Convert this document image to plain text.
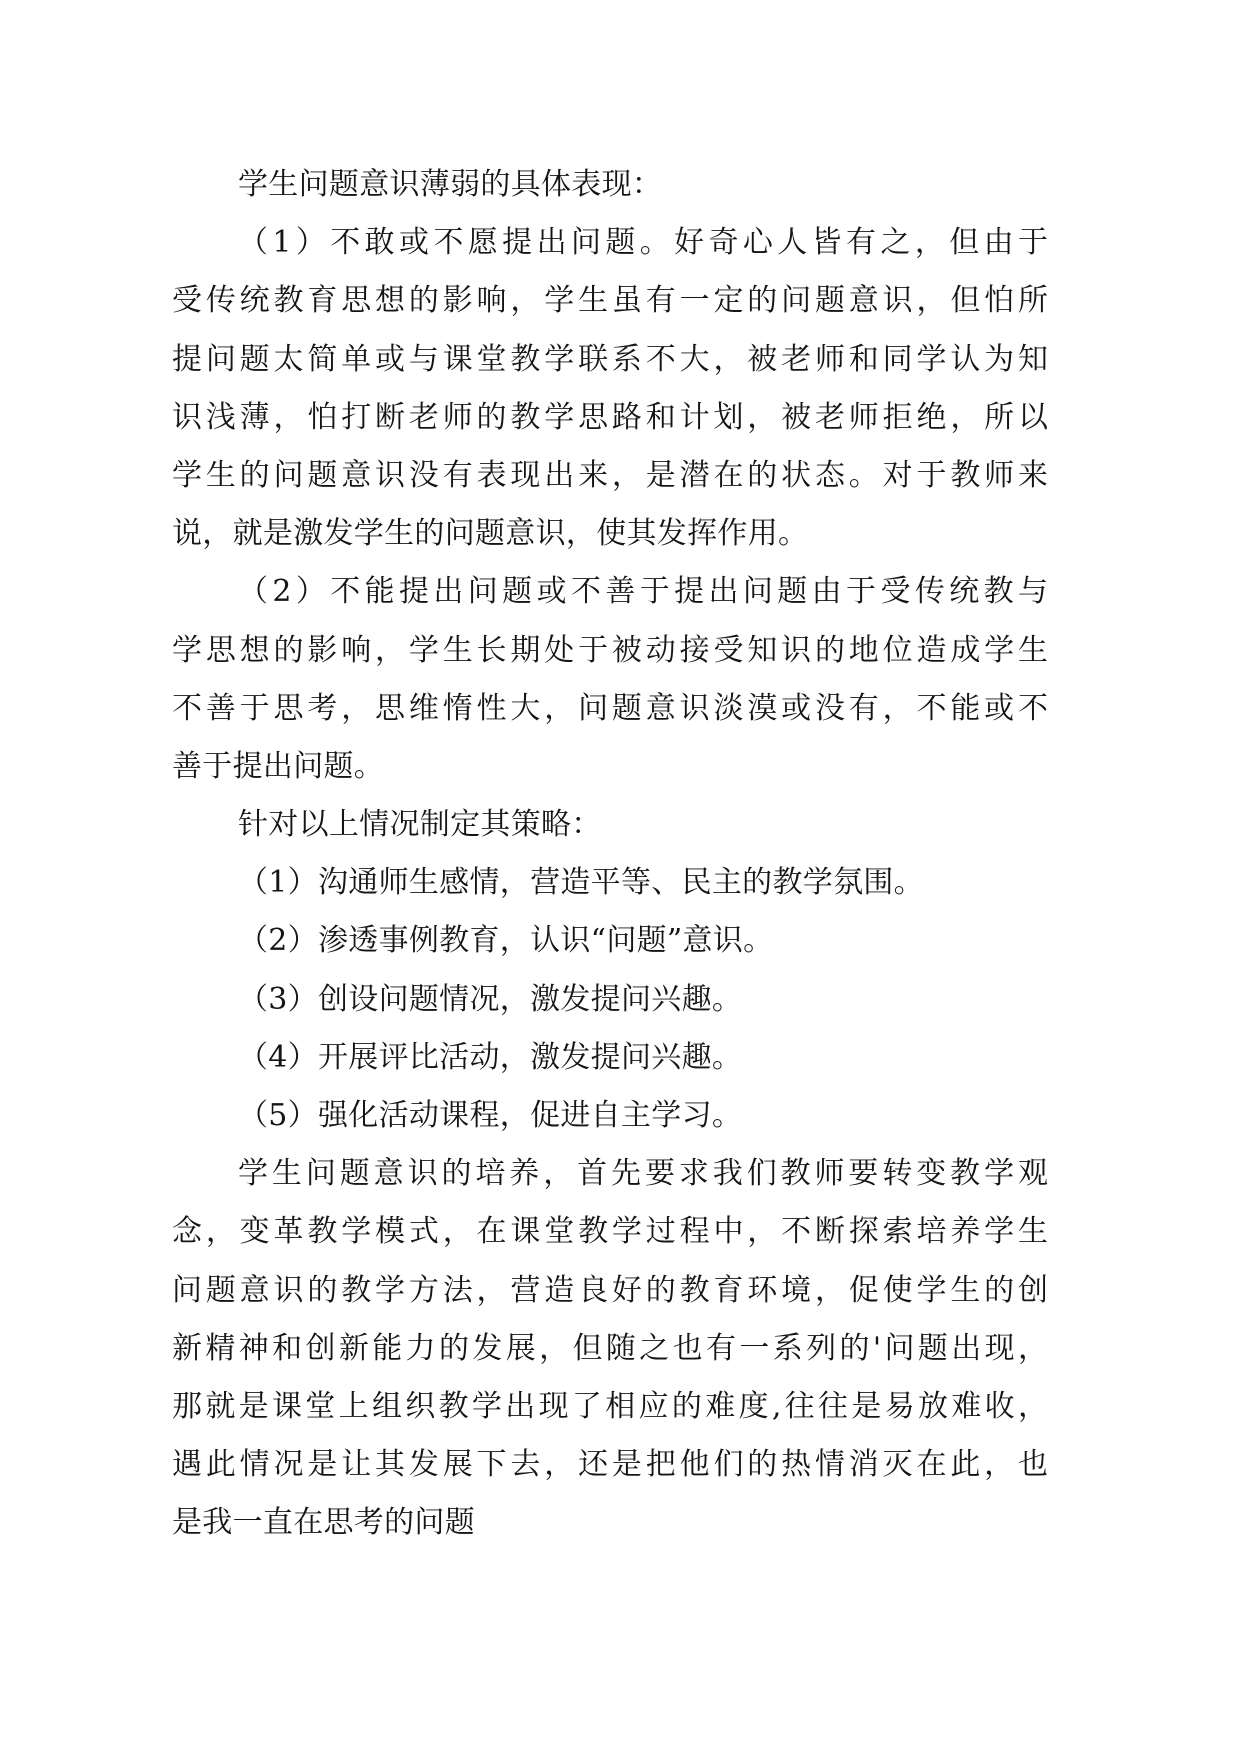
学生问题意识薄弱的具体表现：
（1）不敢或不愿提出问题。好奇心人皆有之，但由于
受传统教育思想的影响，学生虽有一定的问题意识，但怕所
提问题太简单或与课堂教学联系不大，被老师和同学认为知
识浅薄，怕打断老师的教学思路和计划，被老师拒绝，所以
学生的问题意识没有表现出来，是潜在的状态。对于教师来
说，就是激发学生的问题意识，使其发挥作用。
（2）不能提出问题或不善于提出问题由于受传统教与
学思想的影响，学生长期处于被动接受知识的地位造成学生
不善于思考，思维惰性大，问题意识淡漠或没有，不能或不
善于提出问题。
针对以上情况制定其策略：
（1）沟通师生感情，营造平等、民主的教学氛围。
（2）渗透事例教育，认识“问题”意识。
（3）创设问题情况，激发提问兴趣。
（4）开展评比活动，激发提问兴趣。
（5）强化活动课程，促进自主学习。
学生问题意识的培养，首先要求我们教师要转变教学观
念，变革教学模式，在课堂教学过程中，不断探索培养学生
问题意识的教学方法，营造良好的教育环境，促使学生的创
新精神和创新能力的发展，但随之也有一系列的'问题出现，
那就是课堂上组织教学出现了相应的难度,往往是易放难收，
遇此情况是让其发展下去，还是把他们的热情消灭在此，也
是我一直在思考的问题
